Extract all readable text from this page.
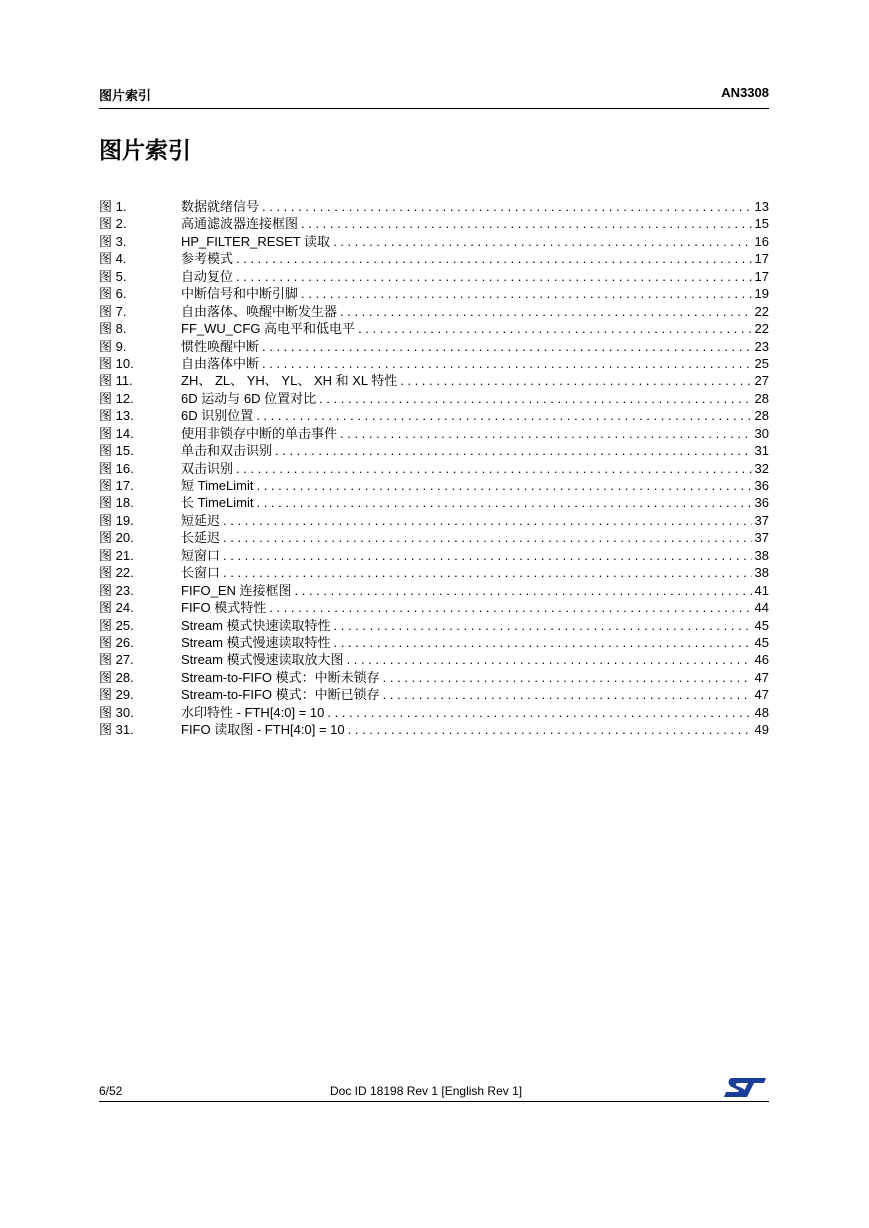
图片索引	AN3308
图片索引
图 1.	数据就绪信号 . . .	13
图 2.	高通滤波器连接框图 . . .	15
图 3.	HP_FILTER_RESET 读取 . . .	16
图 4.	参考模式 . . .	17
图 5.	自动复位 . . .	17
图 6.	中断信号和中断引脚 . . .	19
图 7.	自由落体、唤醒中断发生器 . . .	22
图 8.	FF_WU_CFG 高电平和低电平 . . .	22
图 9.	惯性唤醒中断 . . .	23
图 10.	自由落体中断 . . .	25
图 11.	ZH、 ZL、 YH、 YL、 XH 和 XL 特性 . . .	27
图 12.	6D 运动与 6D 位置对比 . . .	28
图 13.	6D 识别位置 . . .	28
图 14.	使用非锁存中断的单击事件 . . .	30
图 15.	单击和双击识别 . . .	31
图 16.	双击识别 . . .	32
图 17.	短 TimeLimit . . .	36
图 18.	长 TimeLimit . . .	36
图 19.	短延迟 . . .	37
图 20.	长延迟 . . .	37
图 21.	短窗口 . . .	38
图 22.	长窗口 . . .	38
图 23.	FIFO_EN 连接框图 . . .	41
图 24.	FIFO 模式特性 . . .	44
图 25.	Stream 模式快速读取特性 . . .	45
图 26.	Stream 模式慢速读取特性 . . .	45
图 27.	Stream 模式慢速读取放大图 . . .	46
图 28.	Stream-to-FIFO 模式：中断未锁存 . . .	47
图 29.	Stream-to-FIFO 模式：中断已锁存 . . .	47
图 30.	水印特性 - FTH[4:0] = 10 . . .	48
图 31.	FIFO 读取图 - FTH[4:0] = 10 . . .	49
6/52	Doc ID 18198 Rev 1 [English Rev 1]
